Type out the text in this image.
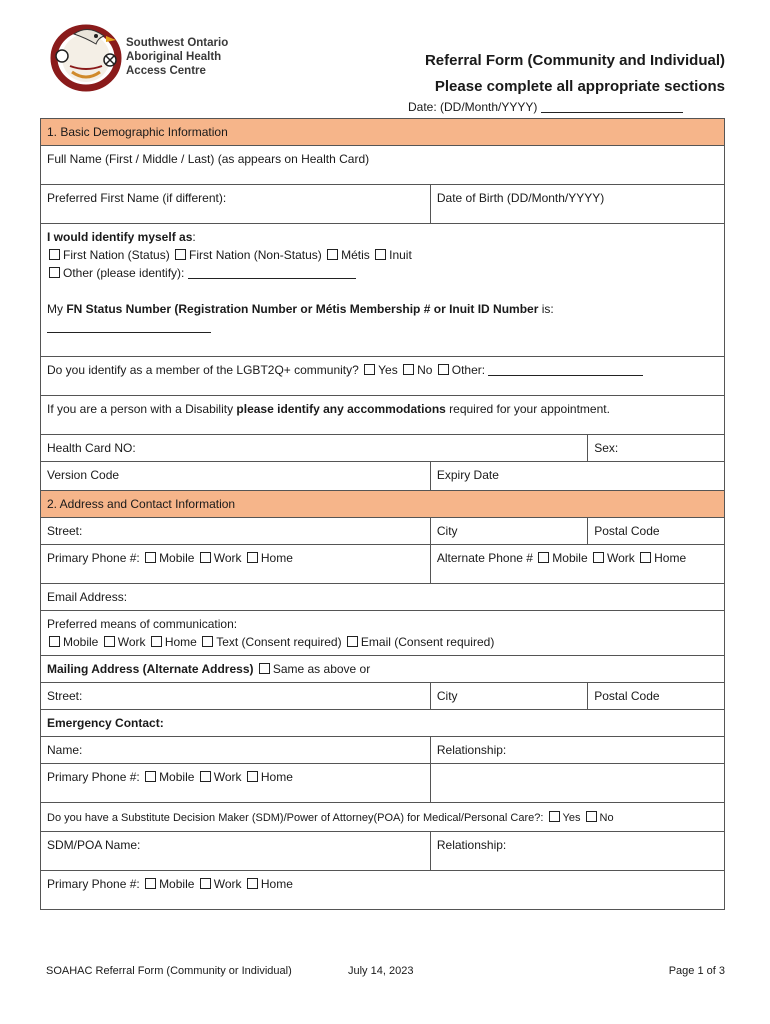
Southwest Ontario
Aboriginal Health
Access Centre
Referral Form (Community and Individual)
Please complete all appropriate sections
Date: (DD/Month/YYYY)
1. Basic Demographic Information		
Full Name (First / Middle / Last) (as appears on Health Card)		
Preferred First Name (if different):	Date of Birth (DD/Month/YYYY)	

I would identify myself as:
First Nation (Status) First Nation (Non-Status) Métis Inuit
Other (please identify):
My FN Status Number (Registration Number or Métis Membership # or Inuit ID Number is:		

Do you identify as a member of the LGBT2Q+ community? Yes No Other:		
If you are a person with a Disability please identify any accommodations required for your appointment.		
Health Card NO:		Sex:
Version Code	Expiry Date	
2. Address and Contact Information		
Street:	City	Postal Code
Primary Phone #: Mobile Work Home	Alternate Phone # Mobile Work Home	
Email Address:		

Preferred means of communication:
Mobile Work Home Text (Consent required) Email (Consent required)		

Mailing Address (Alternate Address) Same as above or		
Street:	City	Postal Code
Emergency Contact:		
Name:	Relationship:	
Primary Phone #: Mobile Work Home		
Do you have a Substitute Decision Maker (SDM)/Power of Attorney(POA) for Medical/Personal Care?: Yes No		
SDM/POA Name:	Relationship:	
Primary Phone #: Mobile Work Home		
SOAHAC Referral Form (Community or Individual)	July 14, 2023	Page 1 of 3
